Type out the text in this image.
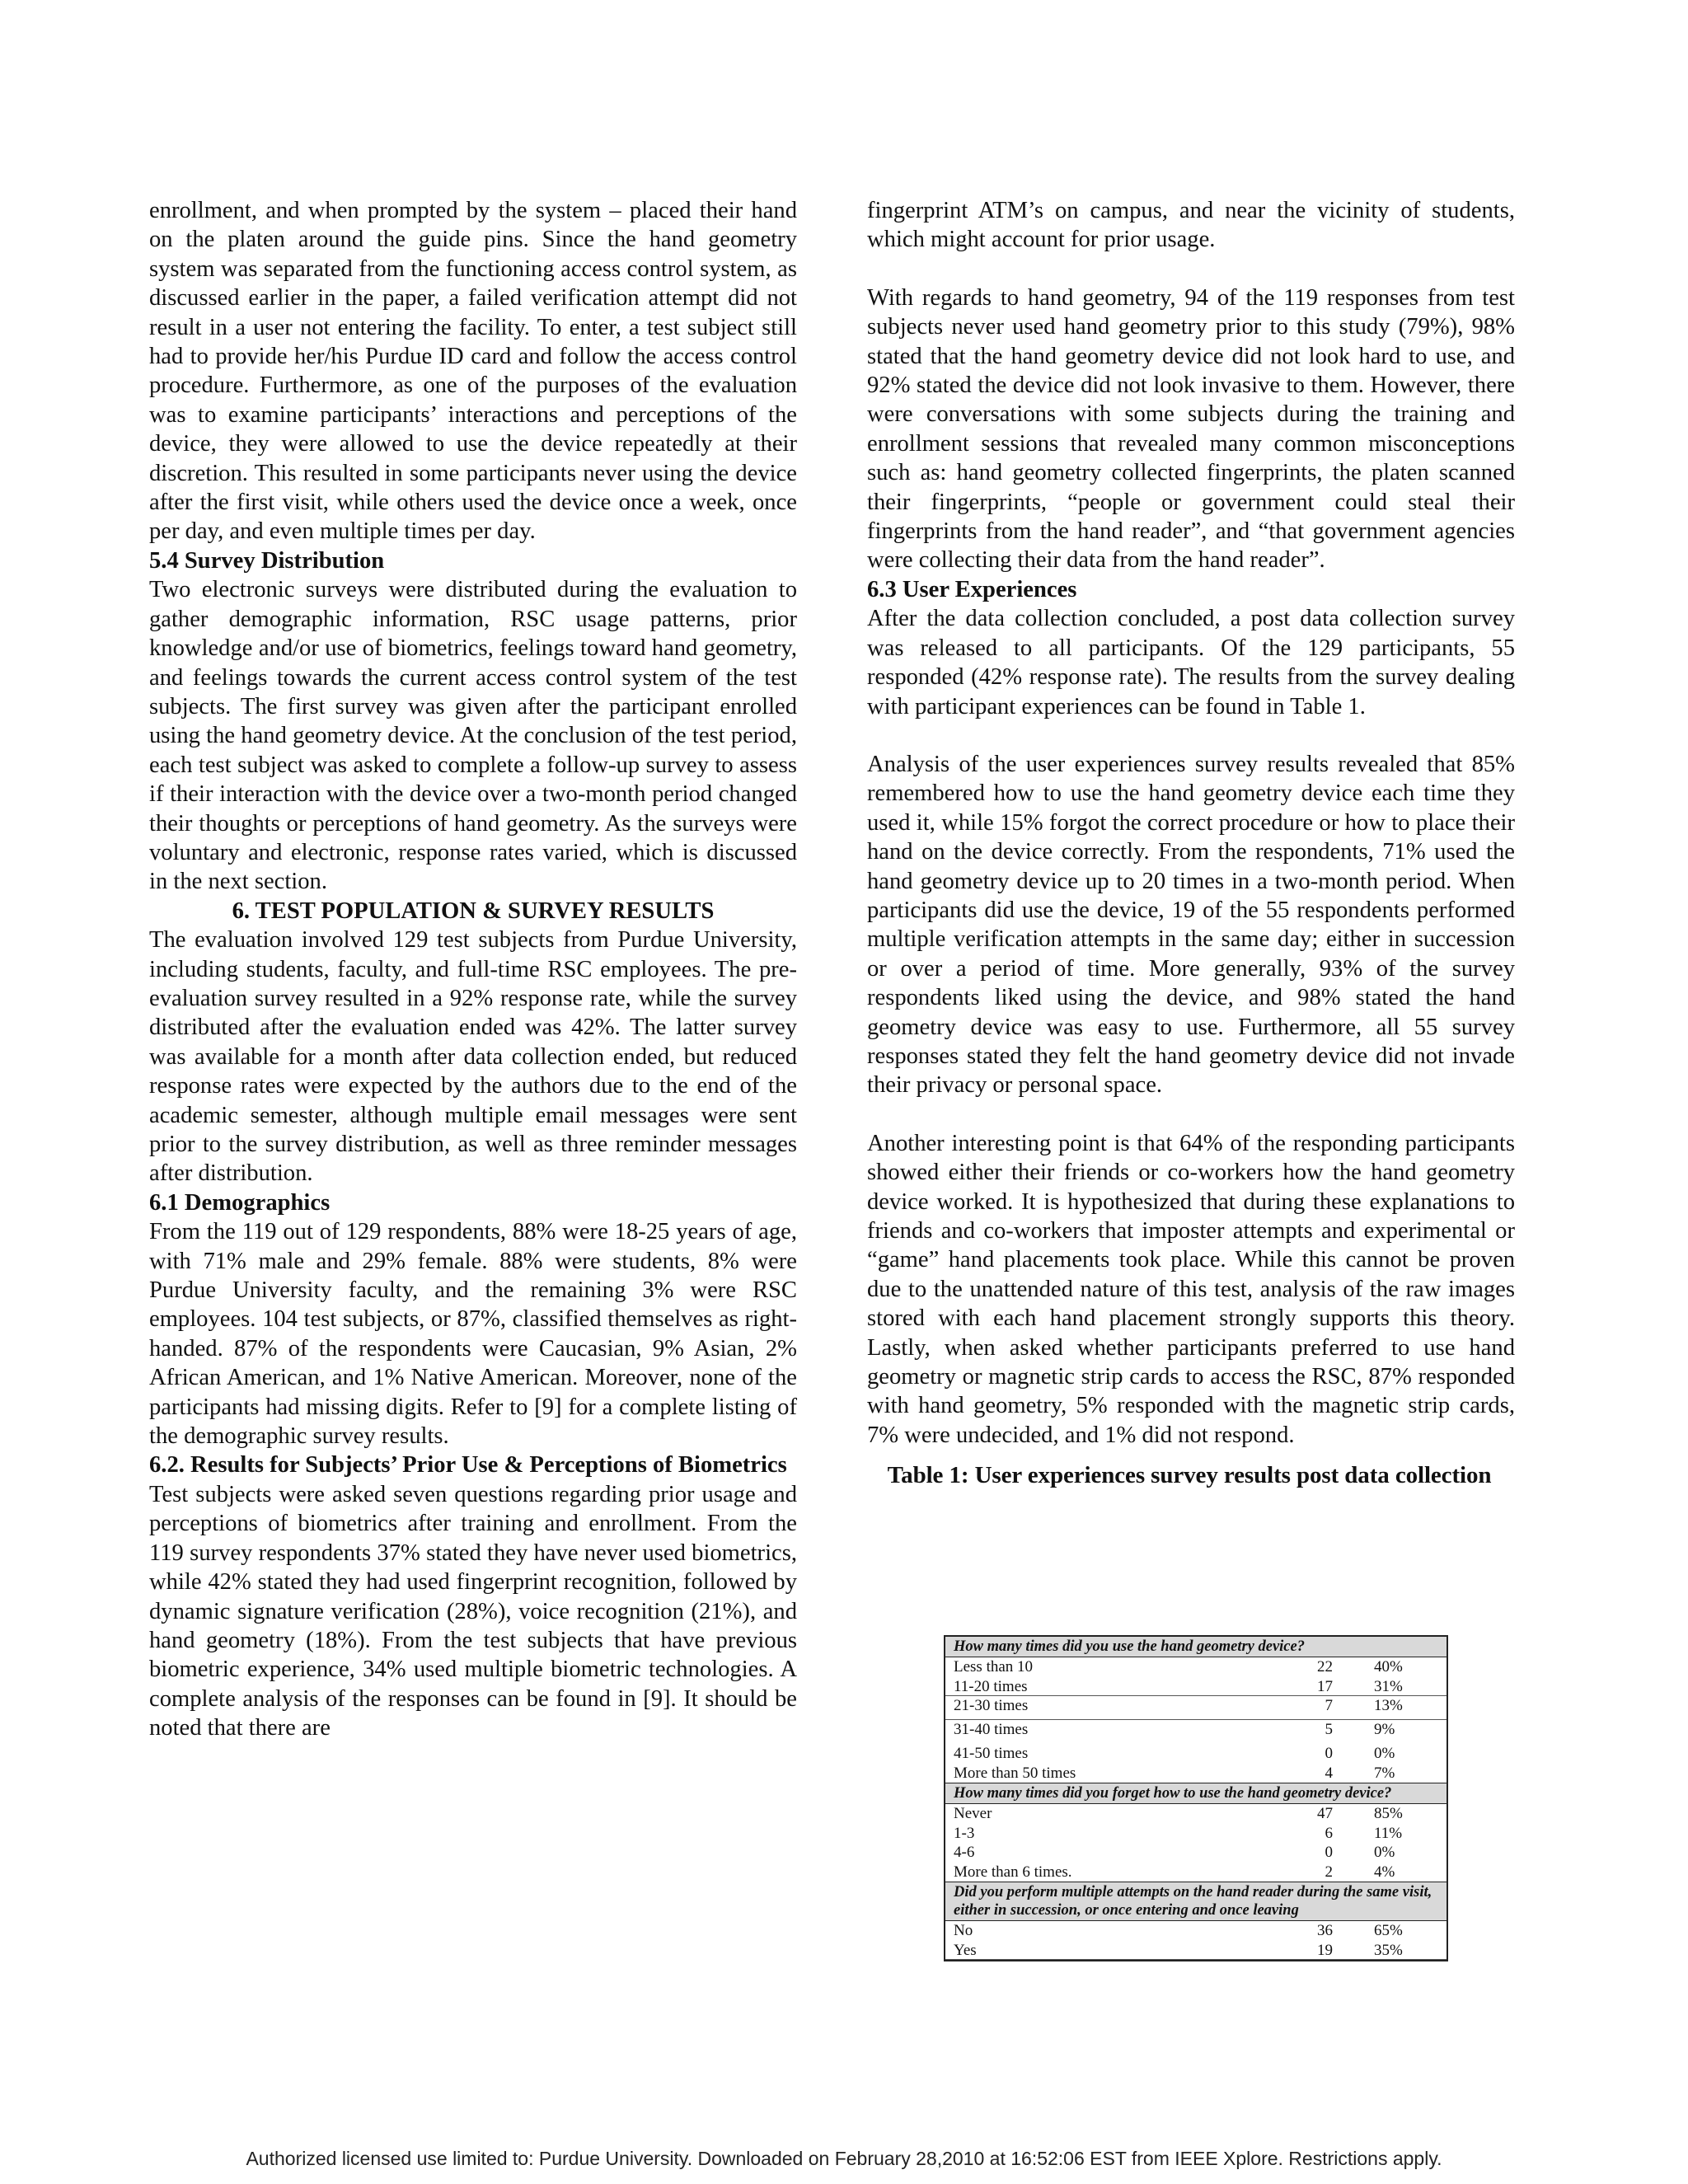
enrollment, and when prompted by the system – placed their hand on the platen around the guide pins. Since the hand geometry system was separated from the functioning access control system, as discussed earlier in the paper, a failed verification attempt did not result in a user not entering the facility. To enter, a test subject still had to provide her/his Purdue ID card and follow the access control procedure. Furthermore, as one of the purposes of the evaluation was to examine participants’ interactions and perceptions of the device, they were allowed to use the device repeatedly at their discretion. This resulted in some participants never using the device after the first visit, while others used the device once a week, once per day, and even multiple times per day.

5.4 Survey Distribution

Two electronic surveys were distributed during the evaluation to gather demographic information, RSC usage patterns, prior knowledge and/or use of biometrics, feelings toward hand geometry, and feelings towards the current access control system of the test subjects. The first survey was given after the participant enrolled using the hand geometry device. At the conclusion of the test period, each test subject was asked to complete a follow-up survey to assess if their interaction with the device over a two-month period changed their thoughts or perceptions of hand geometry. As the surveys were voluntary and electronic, response rates varied, which is discussed in the next section.

6. TEST POPULATION & SURVEY RESULTS

The evaluation involved 129 test subjects from Purdue University, including students, faculty, and full-time RSC employees. The pre- evaluation survey resulted in a 92% response rate, while the survey distributed after the evaluation ended was 42%. The latter survey was available for a month after data collection ended, but reduced response rates were expected by the authors due to the end of the academic semester, although multiple email messages were sent prior to the survey distribution, as well as three reminder messages after distribution.

6.1 Demographics

From the 119 out of 129 respondents, 88% were 18-25 years of age, with 71% male and 29% female. 88% were students, 8% were Purdue University faculty, and the remaining 3% were RSC employees. 104 test subjects, or 87%, classified themselves as right-handed. 87% of the respondents were Caucasian, 9% Asian, 2% African American, and 1% Native American. Moreover, none of the participants had missing digits. Refer to [9] for a complete listing of the demographic survey results.

6.2. Results for Subjects’ Prior Use & Perceptions of Biometrics

Test subjects were asked seven questions regarding prior usage and perceptions of biometrics after training and enrollment. From the 119 survey respondents 37% stated they have never used biometrics, while 42% stated they had used fingerprint recognition, followed by dynamic signature verification (28%), voice recognition (21%), and hand geometry (18%). From the test subjects that have previous biometric experience, 34% used multiple biometric technologies. A complete analysis of the responses can be found in [9]. It should be noted that there are

fingerprint ATM’s on campus, and near the vicinity of students, which might account for prior usage.

With regards to hand geometry, 94 of the 119 responses from test subjects never used hand geometry prior to this study (79%), 98% stated that the hand geometry device did not look hard to use, and 92% stated the device did not look invasive to them. However, there were conversations with some subjects during the training and enrollment sessions that revealed many common misconceptions such as: hand geometry collected fingerprints, the platen scanned their fingerprints, “people or government could steal their fingerprints from the hand reader”, and “that government agencies were collecting their data from the hand reader”.

6.3 User Experiences

After the data collection concluded, a post data collection survey was released to all participants. Of the 129 participants, 55 responded (42% response rate). The results from the survey dealing with participant experiences can be found in Table 1.

Analysis of the user experiences survey results revealed that 85% remembered how to use the hand geometry device each time they used it, while 15% forgot the correct procedure or how to place their hand on the device correctly. From the respondents, 71% used the hand geometry device up to 20 times in a two-month period. When participants did use the device, 19 of the 55 respondents performed multiple verification attempts in the same day; either in succession or over a period of time. More generally, 93% of the survey respondents liked using the device, and 98% stated the hand geometry device was easy to use. Furthermore, all 55 survey responses stated they felt the hand geometry device did not invade their privacy or personal space.

Another interesting point is that 64% of the responding participants showed either their friends or co-workers how the hand geometry device worked. It is hypothesized that during these explanations to friends and co-workers that imposter attempts and experimental or “game” hand placements took place. While this cannot be proven due to the unattended nature of this test, analysis of the raw images stored with each hand placement strongly supports this theory. Lastly, when asked whether participants preferred to use hand geometry or magnetic strip cards to access the RSC, 87% responded with hand geometry, 5% responded with the magnetic strip cards, 7% were undecided, and 1% did not respond.

Table 1: User experiences survey results post data collection

How many times did you use the hand geometry device?
Less than 10	22	40%
11-20 times	17	31%
21-30 times	7	13%
31-40 times	5	9%
41-50 times	0	0%
More than 50 times	4	7%
How many times did you forget how to use the hand geometry device?
Never	47	85%
1-3	6	11%
4-6	0	0%
More than 6 times.	2	4%
Did you perform multiple attempts on the hand reader during the same visit, either in succession, or once entering and once leaving
No	36	65%
Yes	19	35%
Authorized licensed use limited to: Purdue University. Downloaded on February 28,2010 at 16:52:06 EST from IEEE Xplore. Restrictions apply.
